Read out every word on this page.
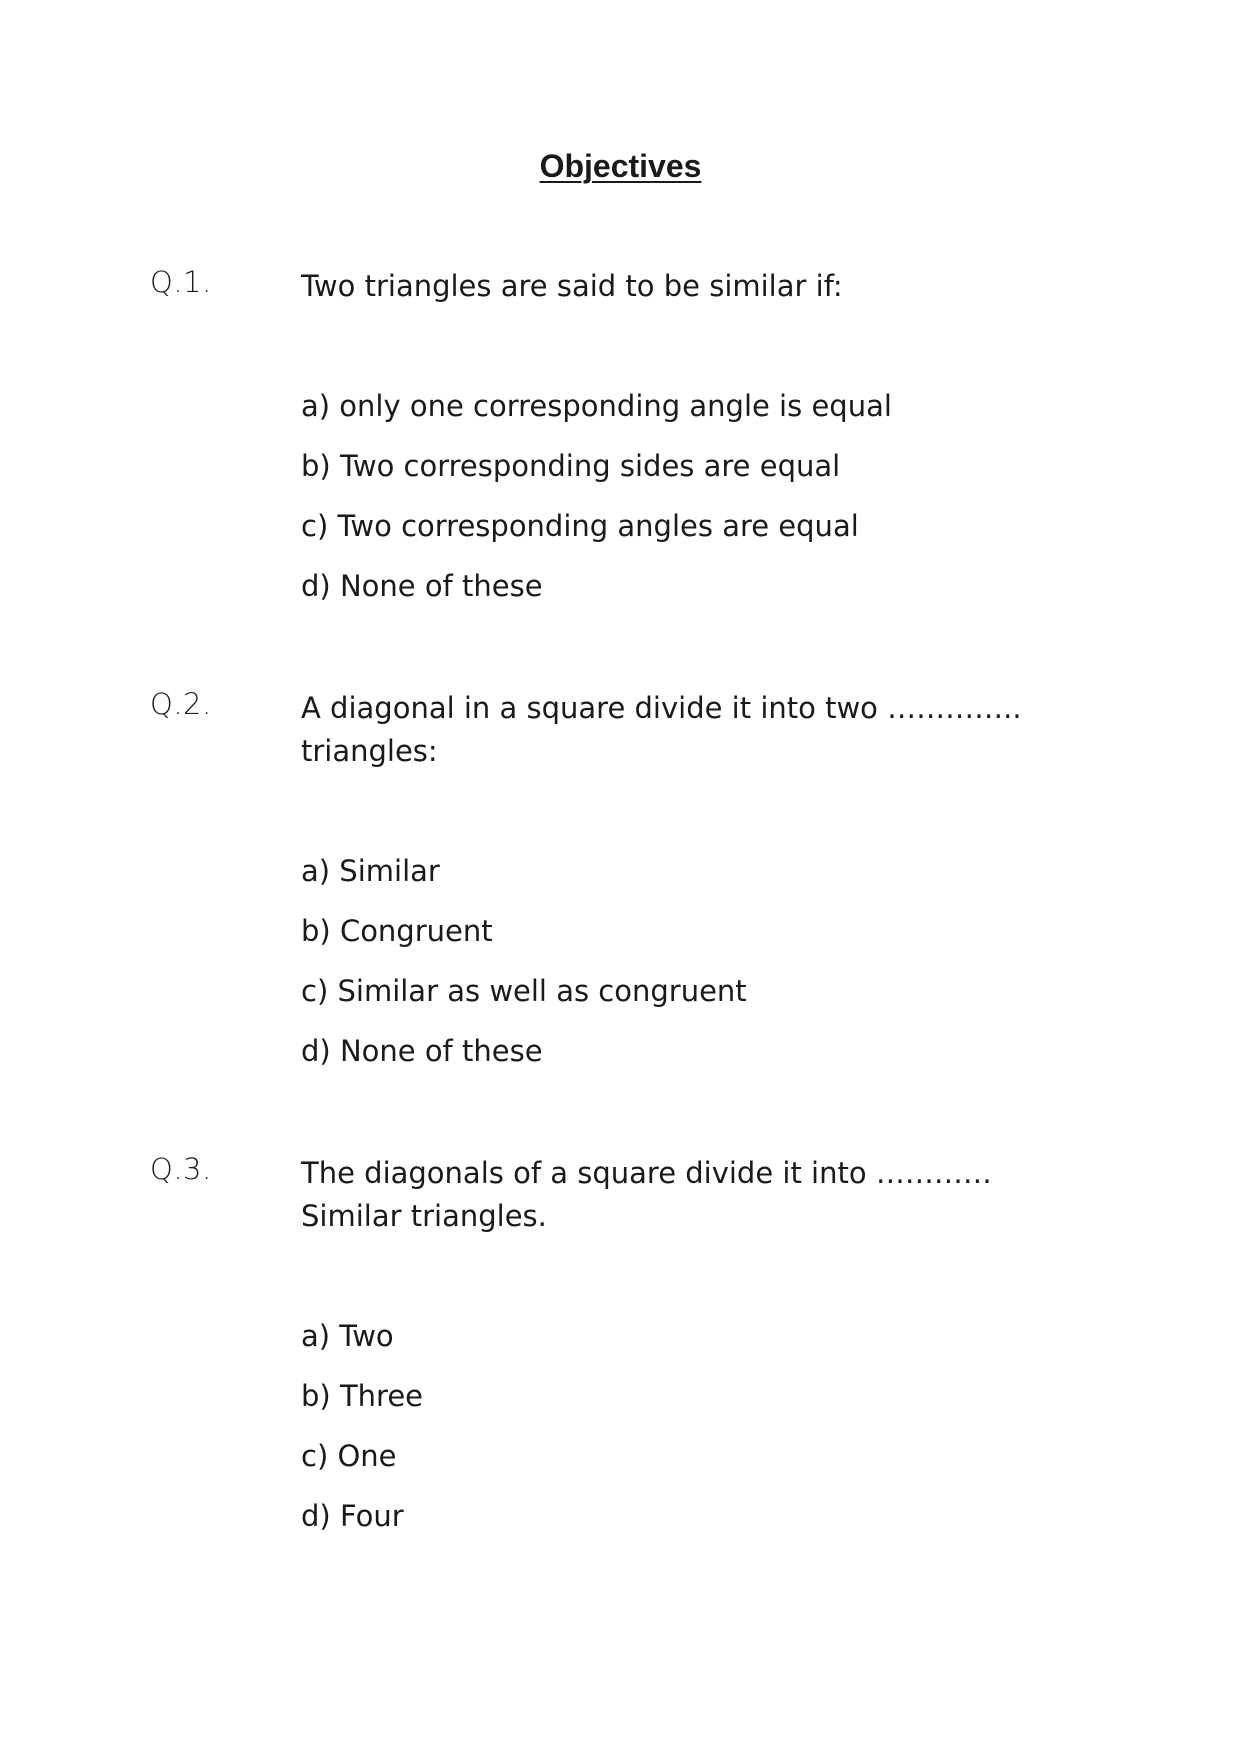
Objectives
Q.1.	Two triangles are said to be similar if:
a) only one corresponding angle is equal
b) Two corresponding sides are equal
c) Two corresponding angles are equal
d) None of these
Q.2.	A diagonal in a square divide it into two ………….. triangles:
a) Similar
b) Congruent
c) Similar as well as congruent
d) None of these
Q.3.	The diagonals of a square divide it into ………… Similar triangles.
a) Two
b) Three
c) One
d) Four
